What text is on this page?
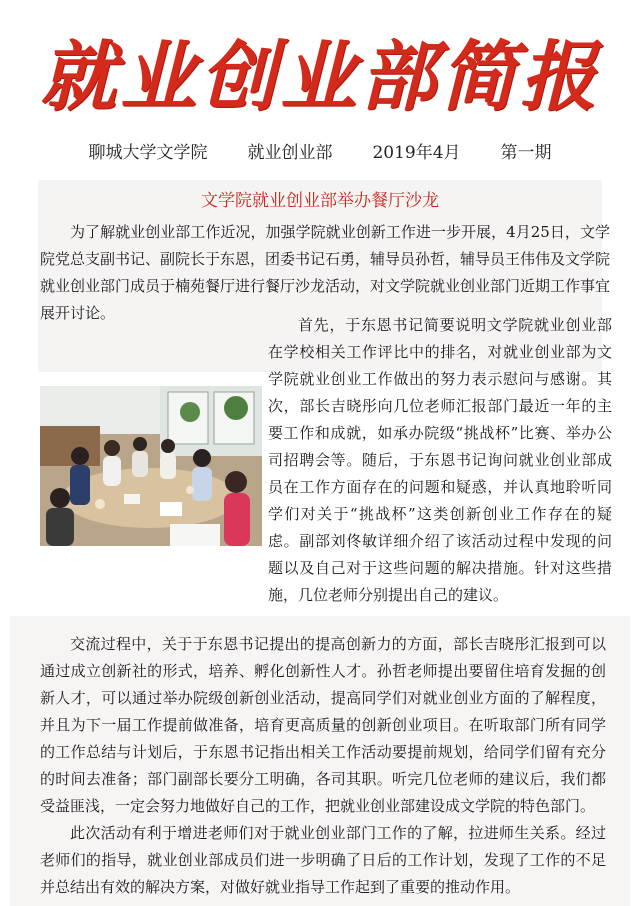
就业创业部简报
聊城大学文学院 就业创业部 2019年4月 第一期
文学院就业创业部举办餐厅沙龙

为了解就业创业部工作近况，加强学院就业创新工作进一步开展，4月25日，文学院党总支副书记、副院长于东恩，团委书记石勇，辅导员孙哲，辅导员王伟伟及文学院就业创业部门成员于楠苑餐厅进行餐厅沙龙活动，对文学院就业创业部门近期工作事宜展开讨论。

首先，于东恩书记简要说明文学院就业创业部在学校相关工作评比中的排名，对就业创业部为文学院就业创业工作做出的努力表示慰问与感谢。其次，部长吉晓彤向几位老师汇报部门最近一年的主要工作和成就，如承办院级“挑战杯”比赛、举办公司招聘会等。随后，于东恩书记询问就业创业部成员在工作方面存在的问题和疑惑，并认真地聆听同学们对关于“挑战杯”这类创新创业工作存在的疑虑。副部刘佟敏详细介绍了该活动过程中发现的问题以及自己对于这些问题的解决措施。针对这些措施，几位老师分别提出自己的建议。

交流过程中，关于于东恩书记提出的提高创新力的方面，部长吉晓彤汇报到可以通过成立创新社的形式，培养、孵化创新性人才。孙哲老师提出要留住培育发掘的创新人才，可以通过举办院级创新创业活动，提高同学们对就业创业方面的了解程度，并且为下一届工作提前做准备，培育更高质量的创新创业项目。在听取部门所有同学的工作总结与计划后，于东恩书记指出相关工作活动要提前规划，给同学们留有充分的时间去准备；部门副部长要分工明确，各司其职。听完几位老师的建议后，我们都受益匪浅，一定会努力地做好自己的工作，把就业创业部建设成文学院的特色部门。

此次活动有利于增进老师们对于就业创业部门工作的了解，拉进师生关系。经过老师们的指导，就业创业部成员们进一步明确了日后的工作计划，发现了工作的不足并总结出有效的解决方案，对做好就业指导工作起到了重要的推动作用。
